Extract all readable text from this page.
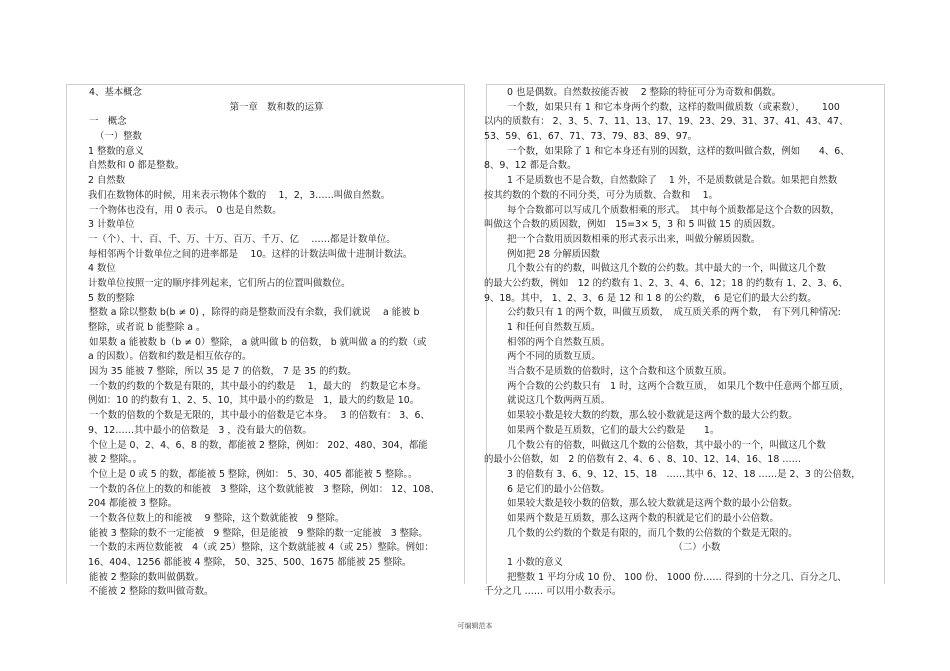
4、基本概念
第一章　数和数的运算
一　概念
（一）整数
1 整数的意义
自然数和 0 都是整数。
2 自然数
我们在数物体的时候，用来表示物体个数的　 1，2，3……叫做自然数。
一个物体也没有，用 0 表示。 0 也是自然数。
3 计数单位
一（个）、十、百、千、万、十万、百万、千万、亿　 ……都是计数单位。
每相邻两个计数单位之间的进率都是　 10。这样的计数法叫做十进制计数法。
4 数位
计数单位按照一定的顺序排列起来，它们所占的位置叫做数位。
5 数的整除
整数 a 除以整数 b(b ≠ 0) ，除得的商是整数而没有余数，我们就说　 a 能被 b
整除，或者说 b 能整除 a 。
如果数 a 能被数 b（b ≠ 0）整除， a 就叫做 b 的倍数， b 就叫做 a 的约数（或
a 的因数）。倍数和约数是相互依存的。
因为 35 能被 7 整除，所以 35 是 7 的倍数， 7 是 35 的约数。
一个数的约数的个数是有限的，其中最小的约数是　 1，最大的　约数是它本身。
例如：10 的约数有 1、2、5、10，其中最小的约数是　1，最大的约数是 10。
一个数的倍数的个数是无限的，其中最小的倍数是它本身。　 3 的倍数有： 3、6、
9、12……其中最小的倍数是　3 ，没有最大的倍数。
个位上是 0、2、4、6、8 的数，都能被 2 整除，例如： 202、480、304，都能
被 2 整除。。
个位上是 0 或 5 的数，都能被 5 整除，例如： 5、30、405 都能被 5 整除。。
一个数的各位上的数的和能被　3 整除，这个数就能被　3 整除，例如： 12、108、
204 都能被 3 整除。
一个数各位数上的和能被　 9 整除，这个数就能被　9 整除。
能被 3 整除的数不一定能被　9 整除，但是能被　9 整除的数一定能被　3 整除。
一个数的末两位数能被　4（或 25）整除，这个数就能被 4（或 25）整除。例如：
16、404、1256 都能被 4 整除， 50、325、500、1675 都能被 25 整除。
能被 2 整除的数叫做偶数。
不能被 2 整除的数叫做奇数。
0 也是偶数。自然数按能否被　 2 整除的特征可分为奇数和偶数。
一个数，如果只有 1 和它本身两个约数，这样的数叫做质数（或素数），　　 100
以内的质数有： 2、3、5、7、11、13、17、19、23、29、31、37、41、43、47、
53、59、61、67、71、73、79、83、89、97。
一个数，如果除了 1 和它本身还有别的因数，这样的数叫做合数，例如　　4、6、
8、9、12 都是合数。
1 不是质数也不是合数，自然数除了　 1 外，不是质数就是合数。如果把自然数
按其约数的个数的不同分类，可分为质数、合数和　 1。
每个合数都可以写成几个质数相乘的形式。　其中每个质数都是这个合数的因数，
叫做这个合数的质因数，例如　15=3× 5，3 和 5 叫做 15 的质因数。
把一个合数用质因数相乘的形式表示出来，叫做分解质因数。
例如把 28 分解质因数
几个数公有的约数，叫做这几个数的公约数。其中最大的一个，叫做这几个数
的最大公约数，例如　12 的约数有 1、2、3、4、6、12；18 的约数有 1、2、3、6、
9、18。其中， 1、2、3、6 是 12 和 1 8 的公约数， 6 是它们的最大公约数。
公约数只有 1 的两个数，叫做互质数，　成互质关系的两个数，　有下列几种情况:
1 和任何自然数互质。
相邻的两个自然数互质。
两个不同的质数互质。
当合数不是质数的倍数时，这个合数和这个质数互质。
两个合数的公约数只有　1 时，这两个合数互质，　如果几个数中任意两个都互质，
就说这几个数两两互质。
如果较小数是较大数的约数，那么较小数就是这两个数的最大公约数。
如果两个数是互质数，它们的最大公约数是　　1。
几个数公有的倍数，叫做这几个数的公倍数，其中最小的一个，叫做这几个数
的最小公倍数，如　2 的倍数有 2、4、6 、8、10、12、14、16、18 ……
3 的倍数有 3、6、9、12、15、18　……其中 6、12、18 ……是 2、3 的公倍数，
6 是它们的最小公倍数。
如果较大数是较小数的倍数，那么较大数就是这两个数的最小公倍数。
如果两个数是互质数，那么这两个数的积就是它们的最小公倍数。
几个数的公约数的个数是有限的，而几个数的公倍数的个数是无限的。
（二）小数
1 小数的意义
把整数 1 平均分成 10 份、 100 份、 1000 份…… 得到的十分之几、百分之几、
千分之几 …… 可以用小数表示。
可编辑范本
